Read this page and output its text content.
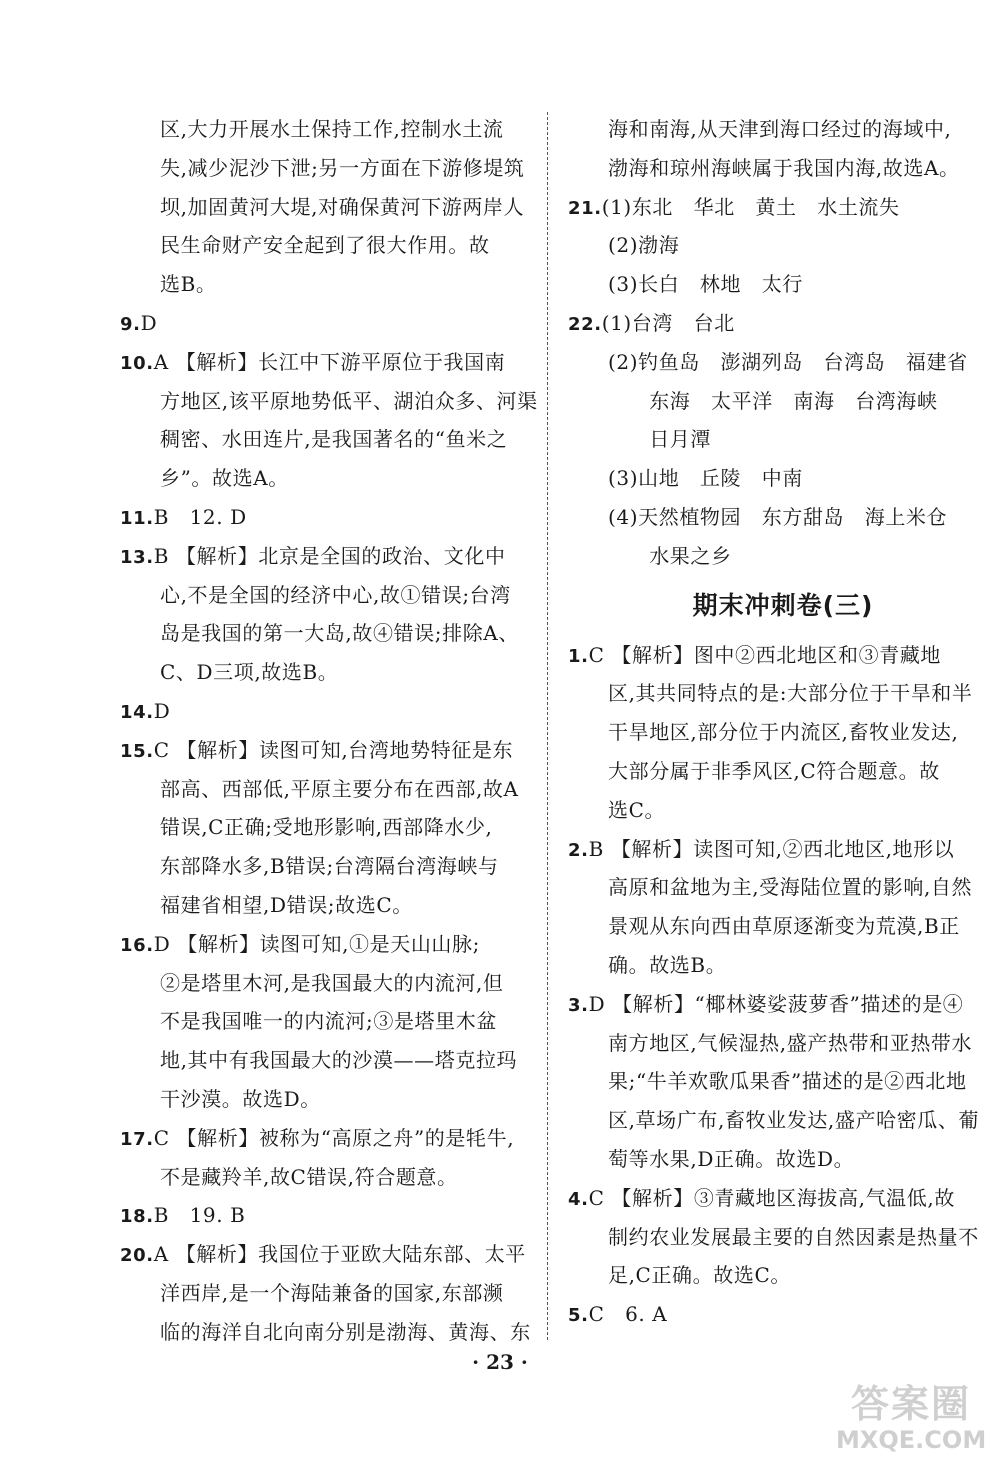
区,大力开展水土保持工作,控制水土流
失,减少泥沙下泄;另一方面在下游修堤筑
坝,加固黄河大堤,对确保黄河下游两岸人
民生命财产安全起到了很大作用。故
选B。
9.D
10.A 【解析】长江中下游平原位于我国南
方地区,该平原地势低平、湖泊众多、河渠
稠密、水田连片,是我国著名的“鱼米之
乡”。故选A。
11.B　12. D
13.B 【解析】北京是全国的政治、文化中
心,不是全国的经济中心,故①错误;台湾
岛是我国的第一大岛,故④错误;排除A、
C、D三项,故选B。
14.D
15.C 【解析】读图可知,台湾地势特征是东
部高、西部低,平原主要分布在西部,故A
错误,C正确;受地形影响,西部降水少,
东部降水多,B错误;台湾隔台湾海峡与
福建省相望,D错误;故选C。
16.D 【解析】读图可知,①是天山山脉;
②是塔里木河,是我国最大的内流河,但
不是我国唯一的内流河;③是塔里木盆
地,其中有我国最大的沙漠——塔克拉玛
干沙漠。故选D。
17.C 【解析】被称为“高原之舟”的是牦牛,
不是藏羚羊,故C错误,符合题意。
18.B　19. B
20.A 【解析】我国位于亚欧大陆东部、太平
洋西岸,是一个海陆兼备的国家,东部濒
临的海洋自北向南分别是渤海、黄海、东
海和南海,从天津到海口经过的海域中,
渤海和琼州海峡属于我国内海,故选A。
21.(1)东北　华北　黄土　水土流失
(2)渤海
(3)长白　林地　太行
22.(1)台湾　台北
(2)钓鱼岛　澎湖列岛　台湾岛　福建省
　　东海　太平洋　南海　台湾海峡
　　日月潭
(3)山地　丘陵　中南
(4)天然植物园　东方甜岛　海上米仓
　　水果之乡
期末冲刺卷(三)
1.C 【解析】图中②西北地区和③青藏地
区,其共同特点的是:大部分位于干旱和半
干旱地区,部分位于内流区,畜牧业发达,
大部分属于非季风区,C符合题意。故
选C。
2.B 【解析】读图可知,②西北地区,地形以
高原和盆地为主,受海陆位置的影响,自然
景观从东向西由草原逐渐变为荒漠,B正
确。故选B。
3.D 【解析】“椰林婆娑菠萝香”描述的是④
南方地区,气候湿热,盛产热带和亚热带水
果;“牛羊欢歌瓜果香”描述的是②西北地
区,草场广布,畜牧业发达,盛产哈密瓜、葡
萄等水果,D正确。故选D。
4.C 【解析】③青藏地区海拔高,气温低,故
制约农业发展最主要的自然因素是热量不
足,C正确。故选C。
5.C　6. A
· 23 ·
答案圈
MXQE.COM
